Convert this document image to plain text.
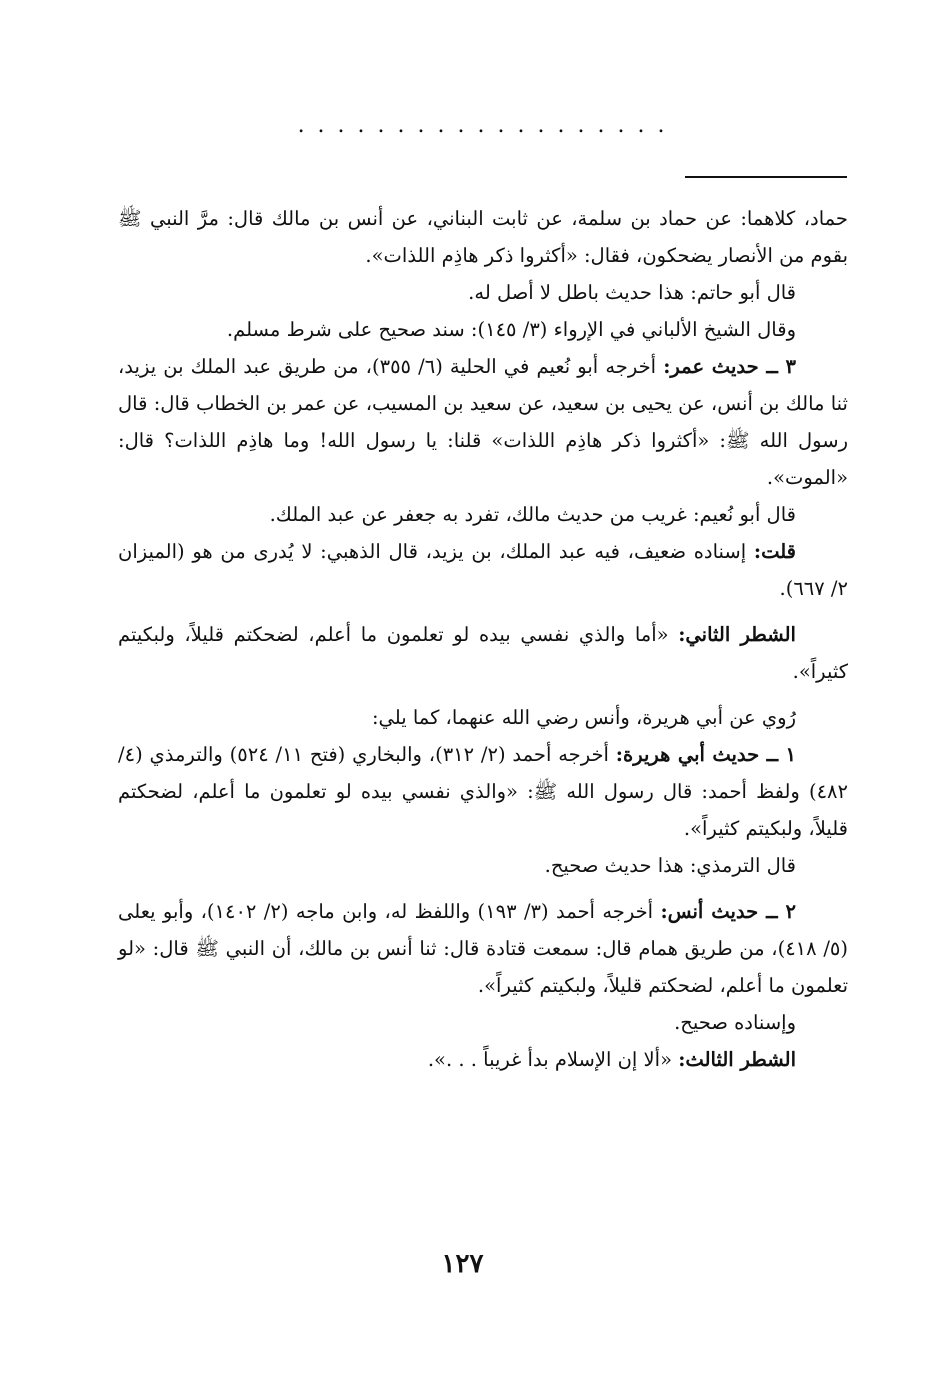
...................

حماد، كلاهما: عن حماد بن سلمة، عن ثابت البناني، عن أنس بن مالك قال: مرَّ النبي ﷺ بقوم من الأنصار يضحكون، فقال: «أكثروا ذكر هاذِم اللذات».

قال أبو حاتم: هذا حديث باطل لا أصل له.

وقال الشيخ الألباني في الإرواء (٣/ ١٤٥): سند صحيح على شرط مسلم.

٣ ــ حديث عمر: أخرجه أبو نُعيم في الحلية (٦/ ٣٥٥)، من طريق عبد الملك بن يزيد، ثنا مالك بن أنس، عن يحيى بن سعيد، عن سعيد بن المسيب، عن عمر بن الخطاب قال: قال رسول الله ﷺ: «أكثروا ذكر هاذِم اللذات» قلنا: يا رسول الله! وما هاذِم اللذات؟ قال: «الموت».

قال أبو نُعيم: غريب من حديث مالك، تفرد به جعفر عن عبد الملك.

قلت: إسناده ضعيف، فيه عبد الملك، بن يزيد، قال الذهبي: لا يُدرى من هو (الميزان ٢/ ٦٦٧).

الشطر الثاني: «أما والذي نفسي بيده لو تعلمون ما أعلم، لضحكتم قليلاً، ولبكيتم كثيراً».

رُوي عن أبي هريرة، وأنس رضي الله عنهما، كما يلي:

١ ــ حديث أبي هريرة: أخرجه أحمد (٢/ ٣١٢)، والبخاري (فتح ١١/ ٥٢٤) والترمذي (٤/ ٤٨٢) ولفظ أحمد: قال رسول الله ﷺ: «والذي نفسي بيده لو تعلمون ما أعلم، لضحكتم قليلاً، ولبكيتم كثيراً».

قال الترمذي: هذا حديث صحيح.

٢ ــ حديث أنس: أخرجه أحمد (٣/ ١٩٣) واللفظ له، وابن ماجه (٢/ ١٤٠٢)، وأبو يعلى (٥/ ٤١٨)، من طريق همام قال: سمعت قتادة قال: ثنا أنس بن مالك، أن النبي ﷺ قال: «لو تعلمون ما أعلم، لضحكتم قليلاً، ولبكيتم كثيراً».

وإسناده صحيح.

الشطر الثالث: «ألا إن الإسلام بدأ غريباً . . .».

١٢٧
